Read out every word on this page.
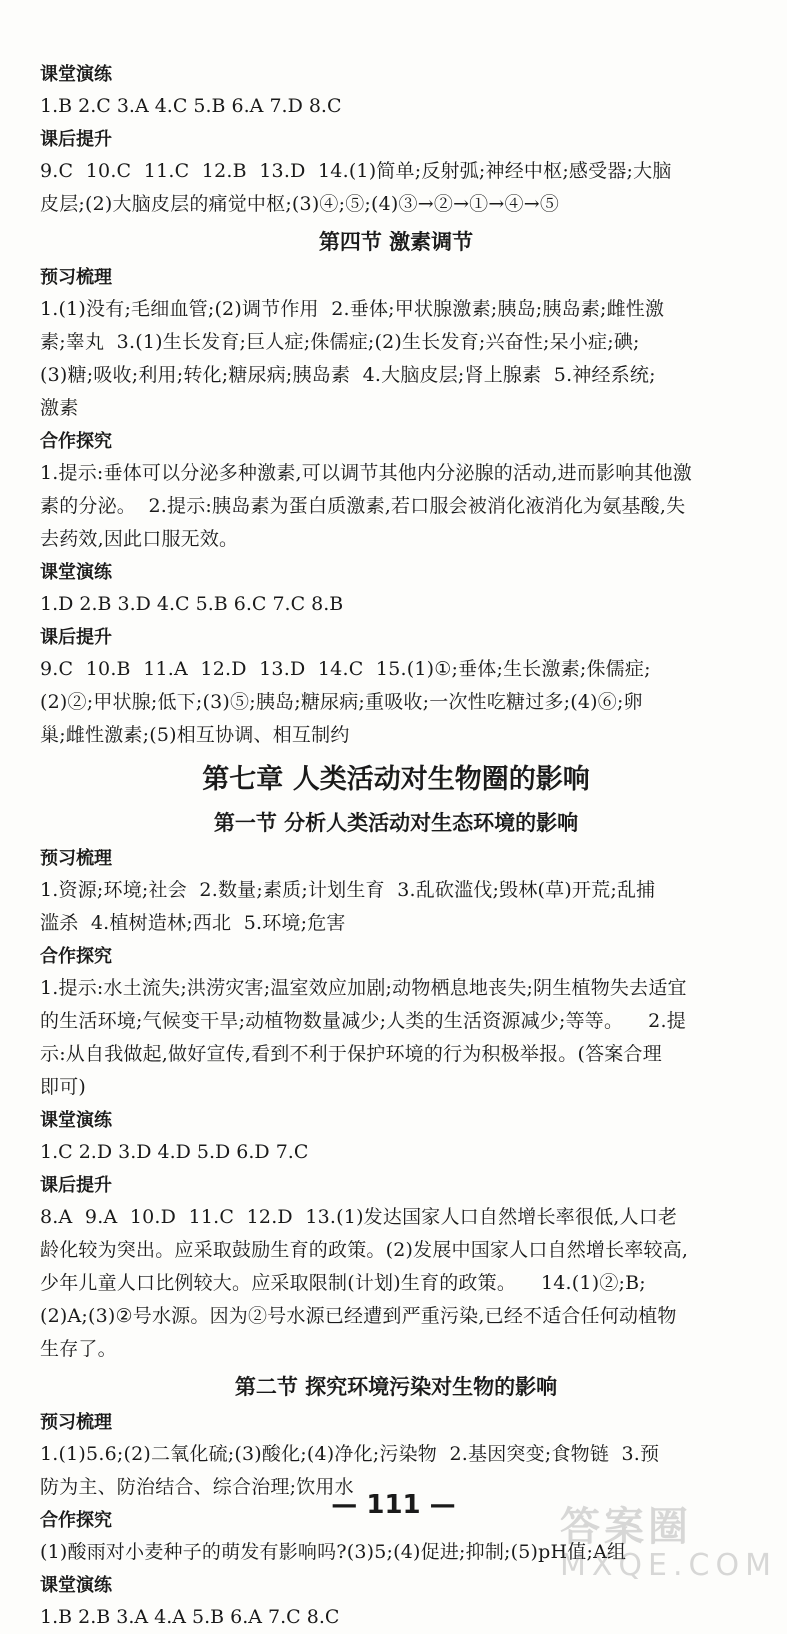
课堂演练

1.B 2.C 3.A 4.C 5.B 6.A 7.D 8.C

课后提升

9.C  10.C  11.C  12.B  13.D  14.(1)简单;反射弧;神经中枢;感受器;大脑

皮层;(2)大脑皮层的痛觉中枢;(3)④;⑤;(4)③→②→①→④→⑤

第四节 激素调节
预习梳理

1.(1)没有;毛细血管;(2)调节作用  2.垂体;甲状腺激素;胰岛;胰岛素;雌性激

素;睾丸  3.(1)生长发育;巨人症;侏儒症;(2)生长发育;兴奋性;呆小症;碘;

(3)糖;吸收;利用;转化;糖尿病;胰岛素  4.大脑皮层;肾上腺素  5.神经系统;

激素

合作探究

1.提示:垂体可以分泌多种激素,可以调节其他内分泌腺的活动,进而影响其他激

素的分泌。  2.提示:胰岛素为蛋白质激素,若口服会被消化液消化为氨基酸,失

去药效,因此口服无效。

课堂演练

1.D 2.B 3.D 4.C 5.B 6.C 7.C 8.B

课后提升

9.C  10.B  11.A  12.D  13.D  14.C  15.(1)①;垂体;生长激素;侏儒症;

(2)②;甲状腺;低下;(3)⑤;胰岛;糖尿病;重吸收;一次性吃糖过多;(4)⑥;卵

巢;雌性激素;(5)相互协调、相互制约

第七章 人类活动对生物圈的影响
第一节 分析人类活动对生态环境的影响
预习梳理

1.资源;环境;社会  2.数量;素质;计划生育  3.乱砍滥伐;毁林(草)开荒;乱捕

滥杀  4.植树造林;西北  5.环境;危害

合作探究

1.提示:水土流失;洪涝灾害;温室效应加剧;动物栖息地丧失;阴生植物失去适宜

的生活环境;气候变干旱;动植物数量减少;人类的生活资源减少;等等。    2.提

示:从自我做起,做好宣传,看到不利于保护环境的行为积极举报。(答案合理

即可)

课堂演练

1.C 2.D 3.D 4.D 5.D 6.D 7.C

课后提升

8.A  9.A  10.D  11.C  12.D  13.(1)发达国家人口自然增长率很低,人口老

龄化较为突出。应采取鼓励生育的政策。(2)发展中国家人口自然增长率较高,

少年儿童人口比例较大。应采取限制(计划)生育的政策。    14.(1)②;B;

(2)A;(3)②号水源。因为②号水源已经遭到严重污染,已经不适合任何动植物

生存了。

第二节 探究环境污染对生物的影响
预习梳理

1.(1)5.6;(2)二氧化硫;(3)酸化;(4)净化;污染物  2.基因突变;食物链  3.预

防为主、防治结合、综合治理;饮用水

合作探究

(1)酸雨对小麦种子的萌发有影响吗?(3)5;(4)促进;抑制;(5)pH值;A组

课堂演练

1.B 2.B 3.A 4.A 5.B 6.A 7.C 8.C

— 111 —	答案圈
MXQE.COM
